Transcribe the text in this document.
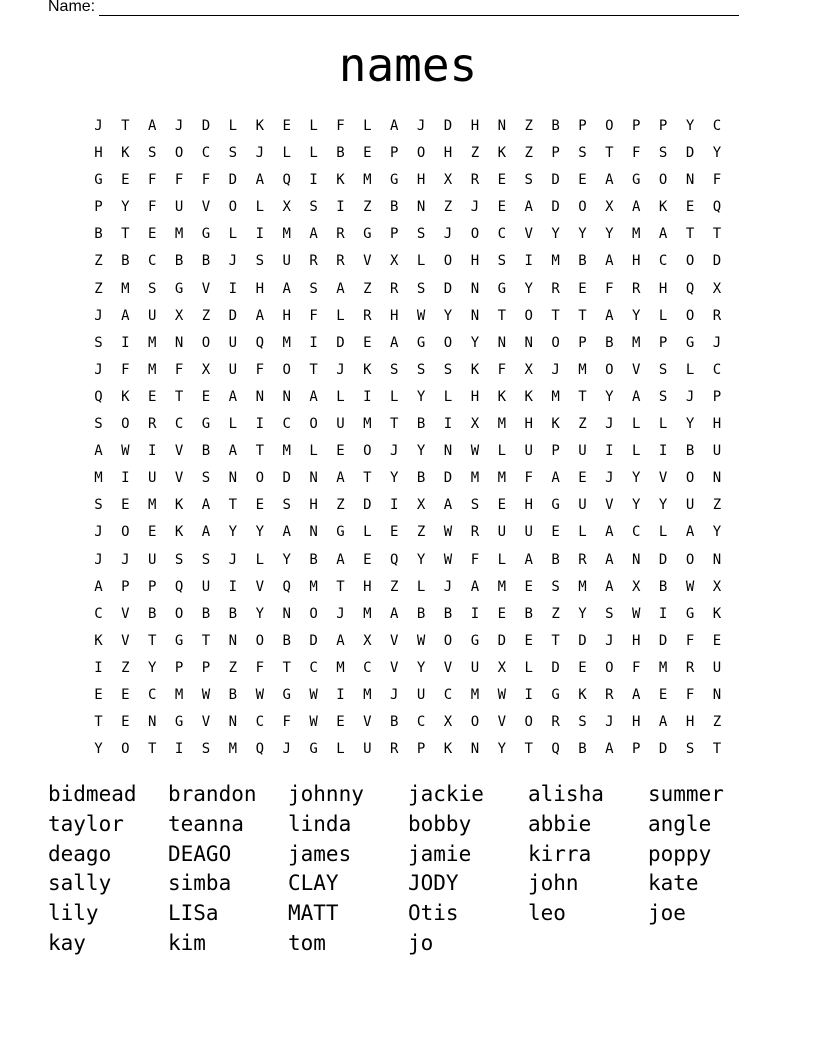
Name:
names
J	T	A	J	D	L	K	E	L	F	L	A	J	D	H	N	Z	B	P	O	P	P	Y	C
H	K	S	O	C	S	J	L	L	B	E	P	O	H	Z	K	Z	P	S	T	F	S	D	Y
G	E	F	F	F	D	A	Q	I	K	M	G	H	X	R	E	S	D	E	A	G	O	N	F
P	Y	F	U	V	O	L	X	S	I	Z	B	N	Z	J	E	A	D	O	X	A	K	E	Q
B	T	E	M	G	L	I	M	A	R	G	P	S	J	O	C	V	Y	Y	Y	M	A	T	T
Z	B	C	B	B	J	S	U	R	R	V	X	L	O	H	S	I	M	B	A	H	C	O	D
Z	M	S	G	V	I	H	A	S	A	Z	R	S	D	N	G	Y	R	E	F	R	H	Q	X
J	A	U	X	Z	D	A	H	F	L	R	H	W	Y	N	T	O	T	T	A	Y	L	O	R
S	I	M	N	O	U	Q	M	I	D	E	A	G	O	Y	N	N	O	P	B	M	P	G	J
J	F	M	F	X	U	F	O	T	J	K	S	S	S	K	F	X	J	M	O	V	S	L	C
Q	K	E	T	E	A	N	N	A	L	I	L	Y	L	H	K	K	M	T	Y	A	S	J	P
S	O	R	C	G	L	I	C	O	U	M	T	B	I	X	M	H	K	Z	J	L	L	Y	H
A	W	I	V	B	A	T	M	L	E	O	J	Y	N	W	L	U	P	U	I	L	I	B	U
M	I	U	V	S	N	O	D	N	A	T	Y	B	D	M	M	F	A	E	J	Y	V	O	N
S	E	M	K	A	T	E	S	H	Z	D	I	X	A	S	E	H	G	U	V	Y	Y	U	Z
J	O	E	K	A	Y	Y	A	N	G	L	E	Z	W	R	U	U	E	L	A	C	L	A	Y
J	J	U	S	S	J	L	Y	B	A	E	Q	Y	W	F	L	A	B	R	A	N	D	O	N
A	P	P	Q	U	I	V	Q	M	T	H	Z	L	J	A	M	E	S	M	A	X	B	W	X
C	V	B	O	B	B	Y	N	O	J	M	A	B	B	I	E	B	Z	Y	S	W	I	G	K
K	V	T	G	T	N	O	B	D	A	X	V	W	O	G	D	E	T	D	J	H	D	F	E
I	Z	Y	P	P	Z	F	T	C	M	C	V	Y	V	U	X	L	D	E	O	F	M	R	U
E	E	C	M	W	B	W	G	W	I	M	J	U	C	M	W	I	G	K	R	A	E	F	N
T	E	N	G	V	N	C	F	W	E	V	B	C	X	O	V	O	R	S	J	H	A	H	Z
Y	O	T	I	S	M	Q	J	G	L	U	R	P	K	N	Y	T	Q	B	A	P	D	S	T
bidmead	brandon	johnny	jackie	alisha	summer
taylor	teanna	linda	bobby	abbie	angle
deago	DEAGO	james	jamie	kirra	poppy
sally	simba	CLAY	JODY	john	kate
lily	LISa	MATT	Otis	leo	joe
kay	kim	tom	jo
